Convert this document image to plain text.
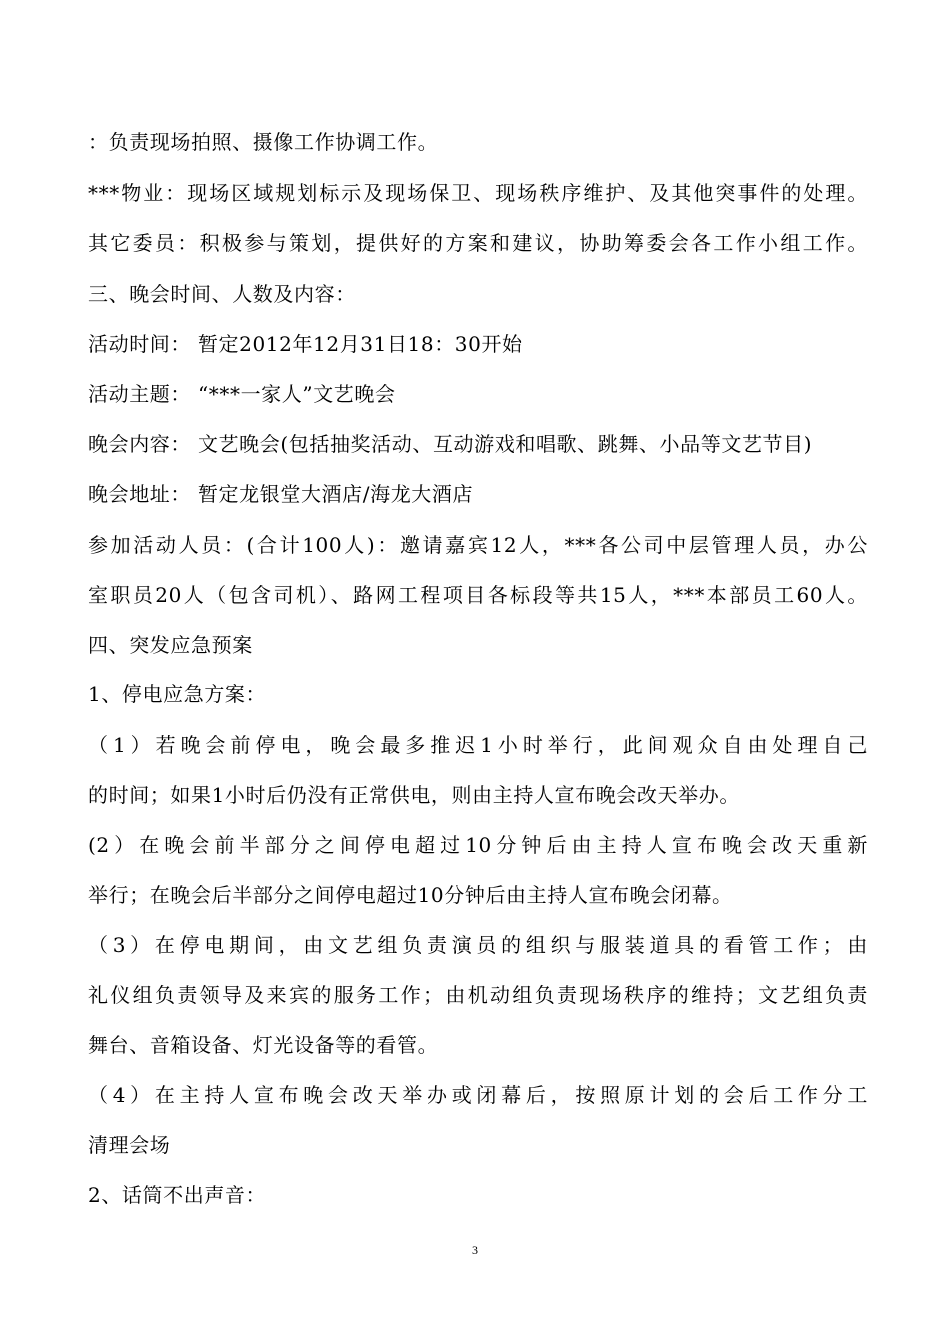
：负责现场拍照、摄像工作协调工作。
***物业：现场区域规划标示及现场保卫、现场秩序维护、及其他突事件的处理。
其它委员：积极参与策划，提供好的方案和建议，协助筹委会各工作小组工作。
三、晚会时间、人数及内容：
活动时间： 暂定2012年12月31日18：30开始
活动主题： “***一家人”文艺晚会
晚会内容： 文艺晚会(包括抽奖活动、互动游戏和唱歌、跳舞、小品等文艺节目)
晚会地址： 暂定龙银堂大酒店/海龙大酒店
参加活动人员：(合计100人)：邀请嘉宾12人，***各公司中层管理人员，办公
室职员20人（包含司机）、路网工程项目各标段等共15人，***本部员工60人。
四、突发应急预案
1、停电应急方案：
（1）若晚会前停电，晚会最多推迟1小时举行，此间观众自由处理自己
的时间；如果1小时后仍没有正常供电，则由主持人宣布晚会改天举办。
(2）在晚会前半部分之间停电超过10分钟后由主持人宣布晚会改天重新
举行；在晚会后半部分之间停电超过10分钟后由主持人宣布晚会闭幕。
（3）在停电期间，由文艺组负责演员的组织与服装道具的看管工作；由
礼仪组负责领导及来宾的服务工作；由机动组负责现场秩序的维持；文艺组负责
舞台、音箱设备、灯光设备等的看管。
（4）在主持人宣布晚会改天举办或闭幕后，按照原计划的会后工作分工
清理会场
2、话筒不出声音：
3
